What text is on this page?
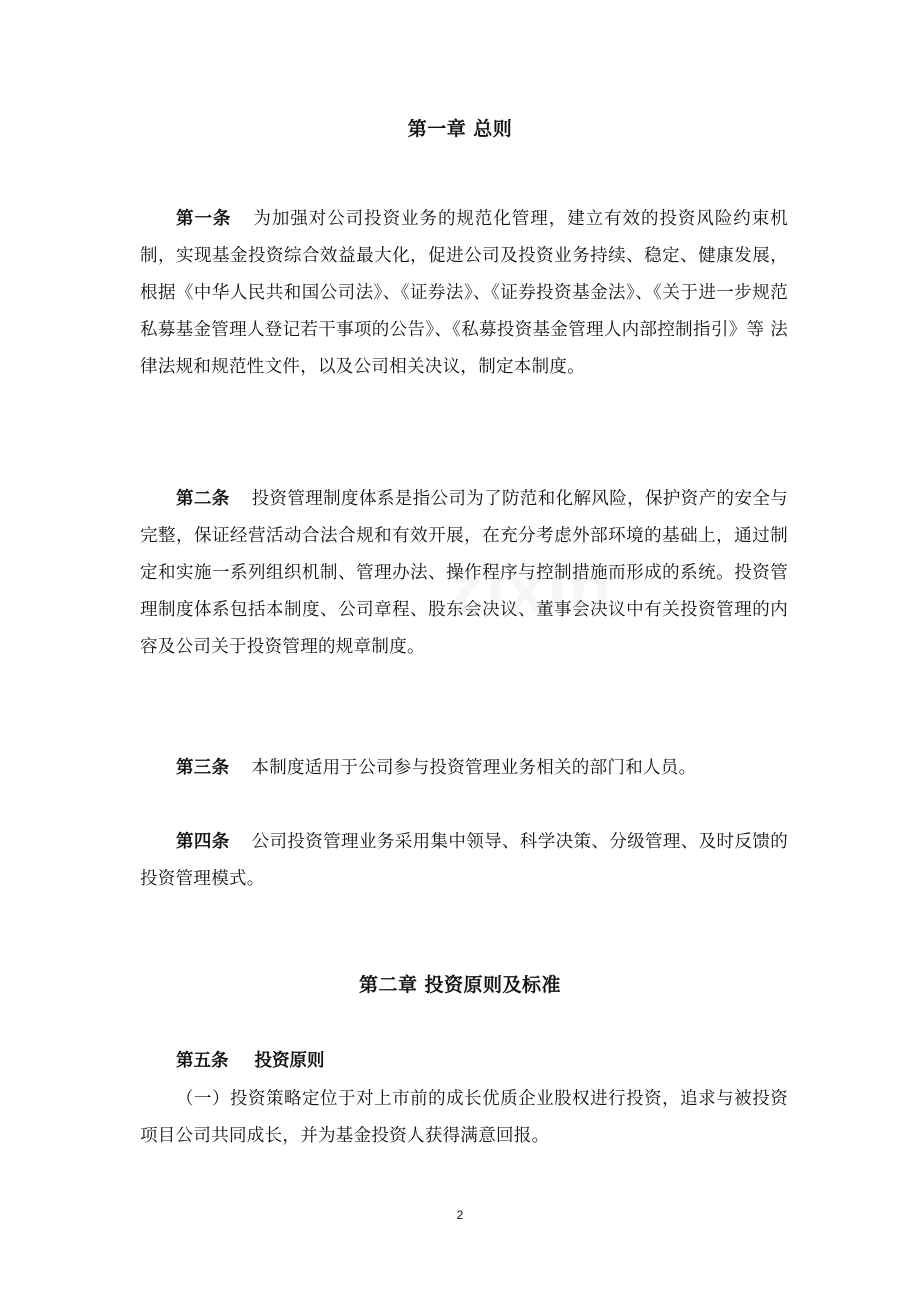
第一章 总则

第一条 为加强对公司投资业务的规范化管理，建立有效的投资风险约束机制，实现基金投资综合效益最大化，促进公司及投资业务持续、稳定、健康发展，根据《中华人民共和国公司法》、《证券法》、《证券投资基金法》、《关于进一步规范私募基金管理人登记若干事项的公告》、《私募投资基金管理人内部控制指引》等 法律法规和规范性文件，以及公司相关决议，制定本制度。

第二条 投资管理制度体系是指公司为了防范和化解风险，保护资产的安全与完整，保证经营活动合法合规和有效开展，在充分考虑外部环境的基础上，通过制定和实施一系列组织机制、管理办法、操作程序与控制措施而形成的系统。投资管理制度体系包括本制度、公司章程、股东会决议、董事会决议中有关投资管理的内容及公司关于投资管理的规章制度。

第三条 本制度适用于公司参与投资管理业务相关的部门和人员。

第四条 公司投资管理业务采用集中领导、科学决策、分级管理、及时反馈的投资管理模式。

第二章 投资原则及标准

第五条 投资原则

（一）投资策略定位于对上市前的成长优质企业股权进行投资，追求与被投资项目公司共同成长，并为基金投资人获得满意回报。

zixin
2
